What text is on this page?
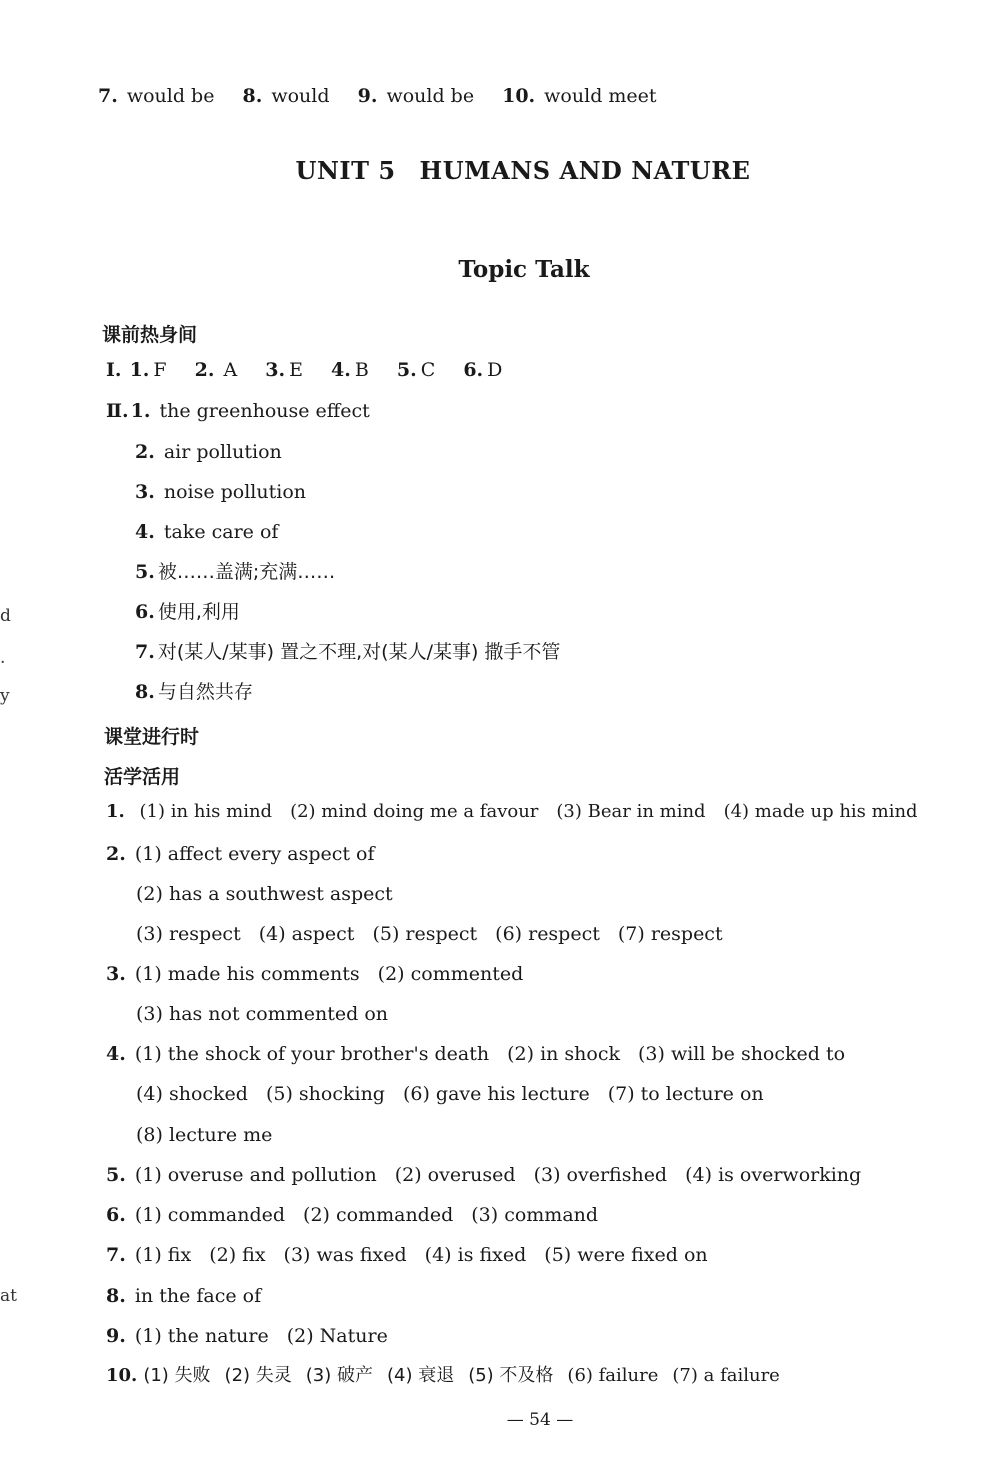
7. would be 8. would 9. would be 10. would meet
UNIT 5 HUMANS AND NATURE
Topic Talk
课前热身间
Ⅰ. 1. F 2. A 3. E 4. B 5. C 6. D
Ⅱ. 1. the greenhouse effect
2. air pollution
3. noise pollution
4. take care of
5. 被……盖满;充满……
6. 使用,利用
7. 对(某人/某事) 置之不理,对(某人/某事) 撒手不管
8. 与自然共存
课堂进行时
活学活用
1. (1) in his mind (2) mind doing me a favour (3) Bear in mind (4) made up his mind
2. (1) affect every aspect of
(2) has a southwest aspect
(3) respect (4) aspect (5) respect (6) respect (7) respect
3. (1) made his comments (2) commented
(3) has not commented on
4. (1) the shock of your brother's death (2) in shock (3) will be shocked to
(4) shocked (5) shocking (6) gave his lecture (7) to lecture on
(8) lecture me
5. (1) overuse and pollution (2) overused (3) overfished (4) is overworking
6. (1) commanded (2) commanded (3) command
7. (1) fix (2) fix (3) was fixed (4) is fixed (5) were fixed on
8. in the face of
9. (1) the nature (2) Nature
10. (1) 失败 (2) 失灵 (3) 破产 (4) 衰退 (5) 不及格 (6) failure (7) a failure
— 54 —
d
.
y
at
